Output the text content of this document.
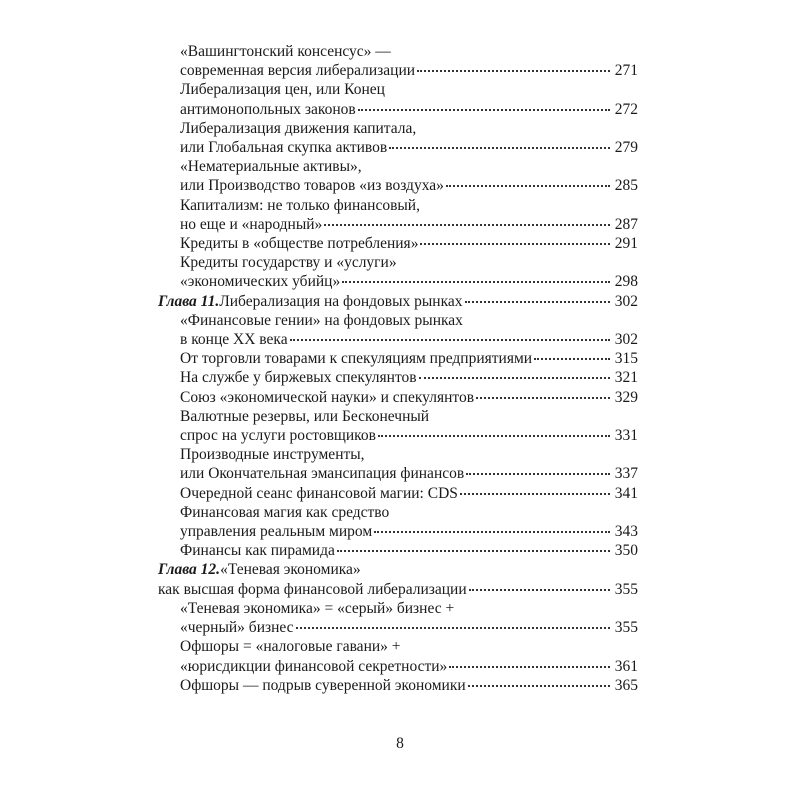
«Вашингтонский консенсус» —
современная версия либерализации	271
Либерализация цен, или Конец
антимонопольных законов	272
Либерализация движения капитала,
или Глобальная скупка активов	279
«Нематериальные активы»,
или Производство товаров «из воздуха»	285
Капитализм: не только финансовый,
но еще и «народный»	287
Кредиты в «обществе потребления»	291
Кредиты государству и «услуги»
«экономических убийц»	298
Глава 11. Либерализация на фондовых рынках	302
«Финансовые гении» на фондовых рынках
в конце XX века	302
От торговли товарами к спекуляциям предприятиями	315
На службе у биржевых спекулянтов	321
Союз «экономической науки» и спекулянтов	329
Валютные резервы, или Бесконечный
спрос на услуги ростовщиков	331
Производные инструменты,
или Окончательная эмансипация финансов	337
Очередной сеанс финансовой магии: CDS	341
Финансовая магия как средство
управления реальным миром	343
Финансы как пирамида	350
Глава 12. «Теневая экономика»
как высшая форма финансовой либерализации	355
«Теневая экономика» = «серый» бизнес +
«черный» бизнес	355
Офшоры = «налоговые гавани» +
«юрисдикции финансовой секретности»	361
Офшоры — подрыв суверенной экономики	365
8
